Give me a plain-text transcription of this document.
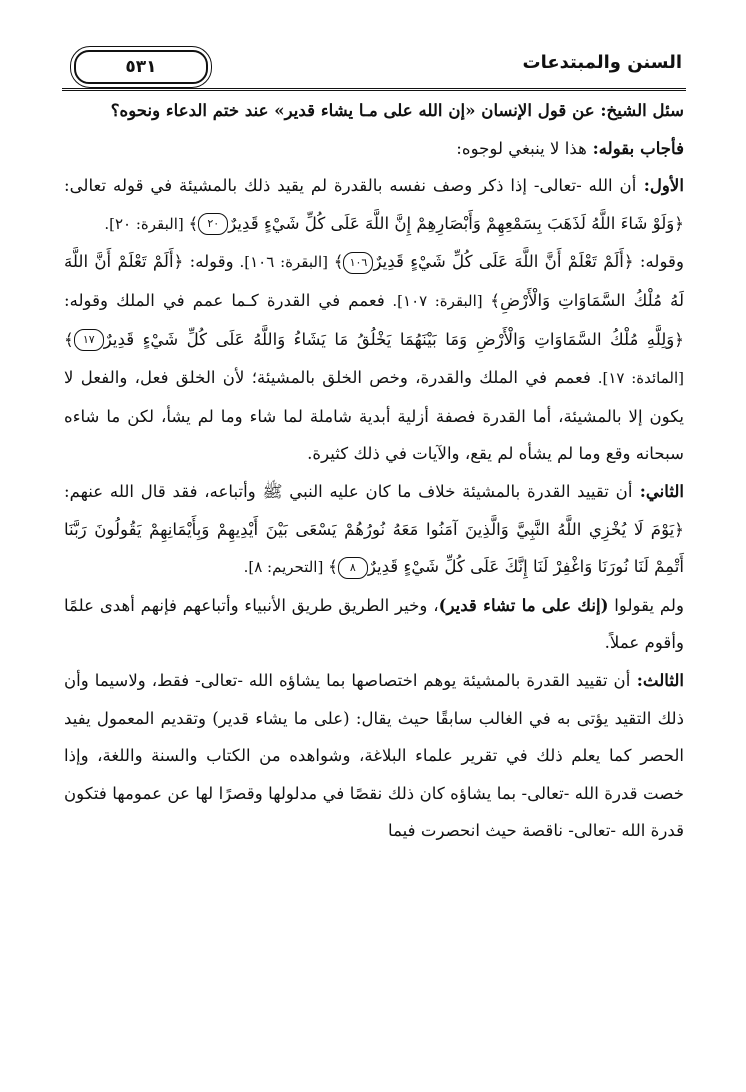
٥٣١	السنن والمبتدعات

سئل الشيخ: عن قول الإنسان «إن الله على مـا يشاء قدير» عند ختم الدعاء ونحوه؟

فأجاب بقوله: هذا لا ينبغي لوجوه:

الأول: أن الله -تعالى- إذا ذكر وصف نفسه بالقدرة لم يقيد ذلك بالمشيئة في قوله تعالى: ﴿وَلَوْ شَاءَ اللَّهُ لَذَهَبَ بِسَمْعِهِمْ وَأَبْصَارِهِمْ إِنَّ اللَّهَ عَلَى كُلِّ شَيْءٍ قَدِيرٌ٢٠﴾ [البقرة: ٢٠].

وقوله: ﴿أَلَمْ تَعْلَمْ أَنَّ اللَّهَ عَلَى كُلِّ شَيْءٍ قَدِيرٌ١٠٦﴾ [البقرة: ١٠٦]. وقوله: ﴿أَلَمْ تَعْلَمْ أَنَّ اللَّهَ لَهُ مُلْكُ السَّمَاوَاتِ وَالْأَرْضِ﴾ [البقرة: ١٠٧]. فعمم في القدرة كـما عمم في الملك وقوله: ﴿وَلِلَّهِ مُلْكُ السَّمَاوَاتِ وَالْأَرْضِ وَمَا بَيْنَهُمَا يَخْلُقُ مَا يَشَاءُ وَاللَّهُ عَلَى كُلِّ شَيْءٍ قَدِيرٌ١٧﴾ [المائدة: ١٧]. فعمم في الملك والقدرة، وخص الخلق بالمشيئة؛ لأن الخلق فعل، والفعل لا يكون إلا بالمشيئة، أما القدرة فصفة أزلية أبدية شاملة لما شاء وما لم يشأ، لكن ما شاءه سبحانه وقع وما لم يشأه لم يقع، والآيات في ذلك كثيرة.

الثاني: أن تقييد القدرة بالمشيئة خلاف ما كان عليه النبي ﷺ وأتباعه، فقد قال الله عنهم: ﴿يَوْمَ لَا يُخْزِي اللَّهُ النَّبِيَّ وَالَّذِينَ آمَنُوا مَعَهُ نُورُهُمْ يَسْعَى بَيْنَ أَيْدِيهِمْ وَبِأَيْمَانِهِمْ يَقُولُونَ رَبَّنَا أَتْمِمْ لَنَا نُورَنَا وَاغْفِرْ لَنَا إِنَّكَ عَلَى كُلِّ شَيْءٍ قَدِيرٌ٨﴾ [التحريم: ٨].

ولم يقولوا (إنك على ما تشاء قدير)، وخير الطريق طريق الأنبياء وأتباعهم فإنهم أهدى علمًا وأقوم عملاً.

الثالث: أن تقييد القدرة بالمشيئة يوهم اختصاصها بما يشاؤه الله -تعالى- فقط، ولاسيما وأن ذلك التقيد يؤتى به في الغالب سابقًا حيث يقال: (على ما يشاء قدير) وتقديم المعمول يفيد الحصر كما يعلم ذلك في تقرير علماء البلاغة، وشواهده من الكتاب والسنة واللغة، وإذا خصت قدرة الله -تعالى- بما يشاؤه كان ذلك نقصًا في مدلولها وقصرًا لها عن عمومها فتكون قدرة الله -تعالى- ناقصة حيث انحصرت فيما
